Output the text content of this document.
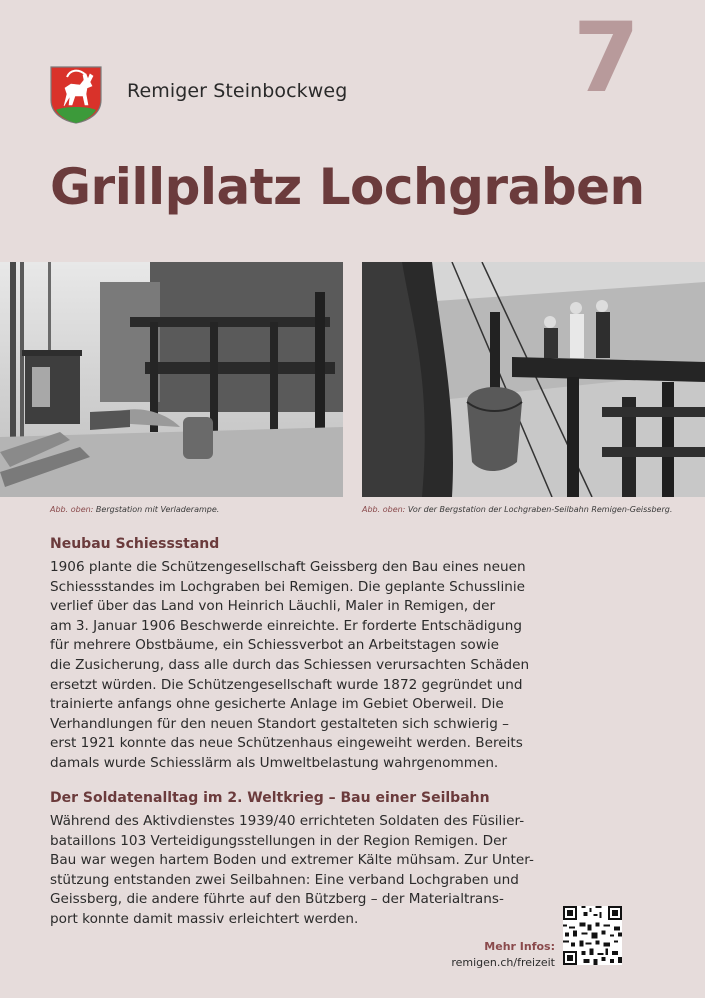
Remiger Steinbockweg 7
Grillplatz Lochgraben

Abb. oben: Bergstation mit Verladerampe.	Abb. oben: Vor der Bergstation der Lochgraben-Seilbahn Remigen-Geissberg.

Neubau Schiessstand
1906 plante die Schützengesellschaft Geissberg den Bau eines neuen
Schiessstandes im Lochgraben bei Remigen. Die geplante Schusslinie
verlief über das Land von Heinrich Läuchli, Maler in Remigen, der
am 3. Januar 1906 Beschwerde einreichte. Er forderte Entschädigung
für mehrere Obstbäume, ein Schiessverbot an Arbeitstagen sowie
die Zusicherung, dass alle durch das Schiessen verursachten Schäden
ersetzt würden. Die Schützengesellschaft wurde 1872 gegründet und
trainierte anfangs ohne gesicherte Anlage im Gebiet Oberweil. Die
Verhandlungen für den neuen Standort gestalteten sich schwierig –
erst 1921 konnte das neue Schützenhaus eingeweiht werden. Bereits
damals wurde Schiesslärm als Umweltbelastung wahrgenommen.
Der Soldatenalltag im 2. Weltkrieg – Bau einer Seilbahn
Während des Aktivdienstes 1939/40 errichteten Soldaten des Füsilier-
bataillons 103 Verteidigungsstellungen in der Region Remigen. Der
Bau war wegen hartem Boden und extremer Kälte mühsam. Zur Unter-
stützung entstanden zwei Seilbahnen: Eine verband Lochgraben und
Geissberg, die andere führte auf den Bützberg – der Materialtrans-
port konnte damit massiv erleichtert werden.
Mehr Infos:
remigen.ch/freizeit
